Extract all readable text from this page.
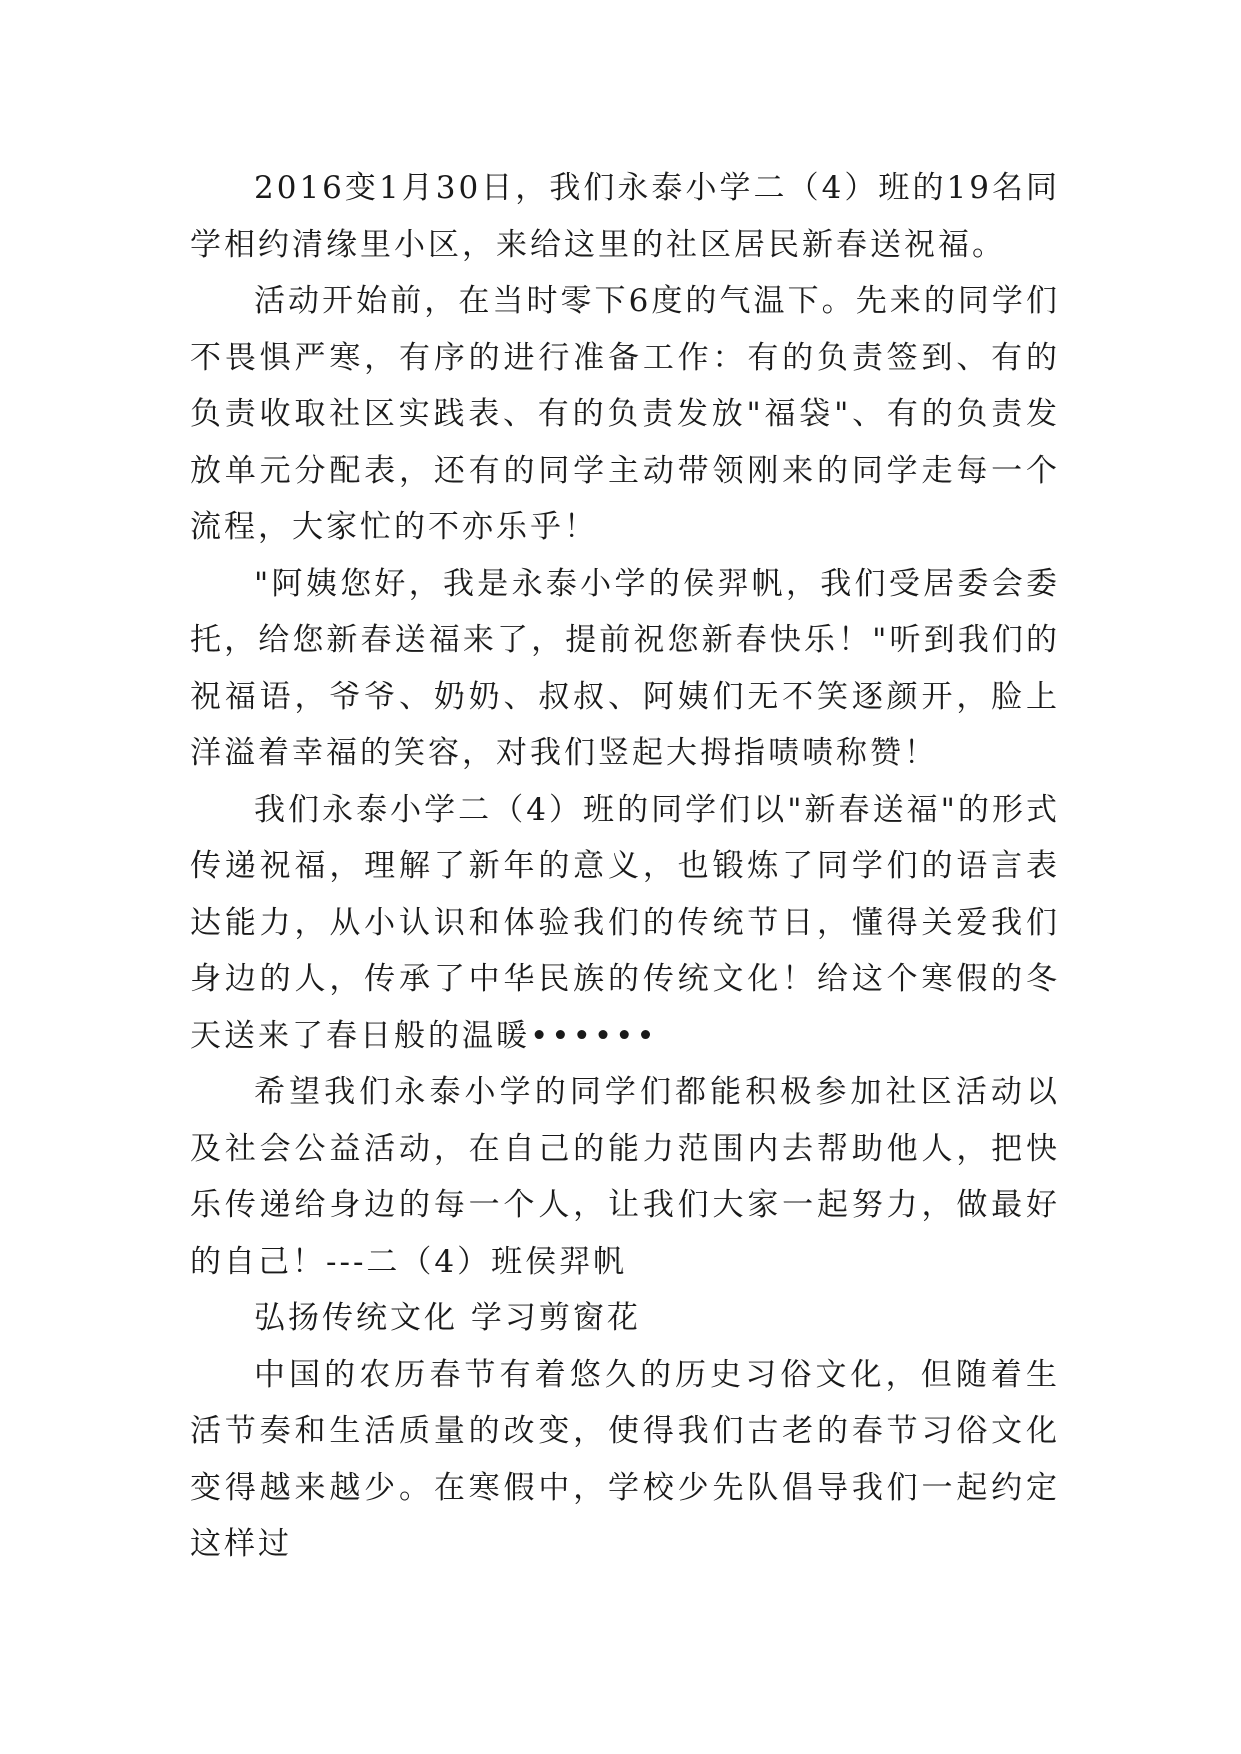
2016变1月30日，我们永泰小学二（4）班的19名同学相约清缘里小区，来给这里的社区居民新春送祝福。

活动开始前，在当时零下6度的气温下。先来的同学们不畏惧严寒，有序的进行准备工作：有的负责签到、有的负责收取社区实践表、有的负责发放"福袋"、有的负责发放单元分配表，还有的同学主动带领刚来的同学走每一个流程，大家忙的不亦乐乎！

"阿姨您好，我是永泰小学的侯羿帆，我们受居委会委托，给您新春送福来了，提前祝您新春快乐！"听到我们的祝福语，爷爷、奶奶、叔叔、阿姨们无不笑逐颜开，脸上洋溢着幸福的笑容，对我们竖起大拇指啧啧称赞！

我们永泰小学二（4）班的同学们以"新春送福"的形式传递祝福，理解了新年的意义，也锻炼了同学们的语言表达能力，从小认识和体验我们的传统节日，懂得关爱我们身边的人，传承了中华民族的传统文化！给这个寒假的冬天送来了春日般的温暖••••••

希望我们永泰小学的同学们都能积极参加社区活动以及社会公益活动，在自己的能力范围内去帮助他人，把快乐传递给身边的每一个人，让我们大家一起努力，做最好的自己！---二（4）班侯羿帆

弘扬传统文化 学习剪窗花

中国的农历春节有着悠久的历史习俗文化，但随着生活节奏和生活质量的改变，使得我们古老的春节习俗文化变得越来越少。在寒假中，学校少先队倡导我们一起约定这样过
